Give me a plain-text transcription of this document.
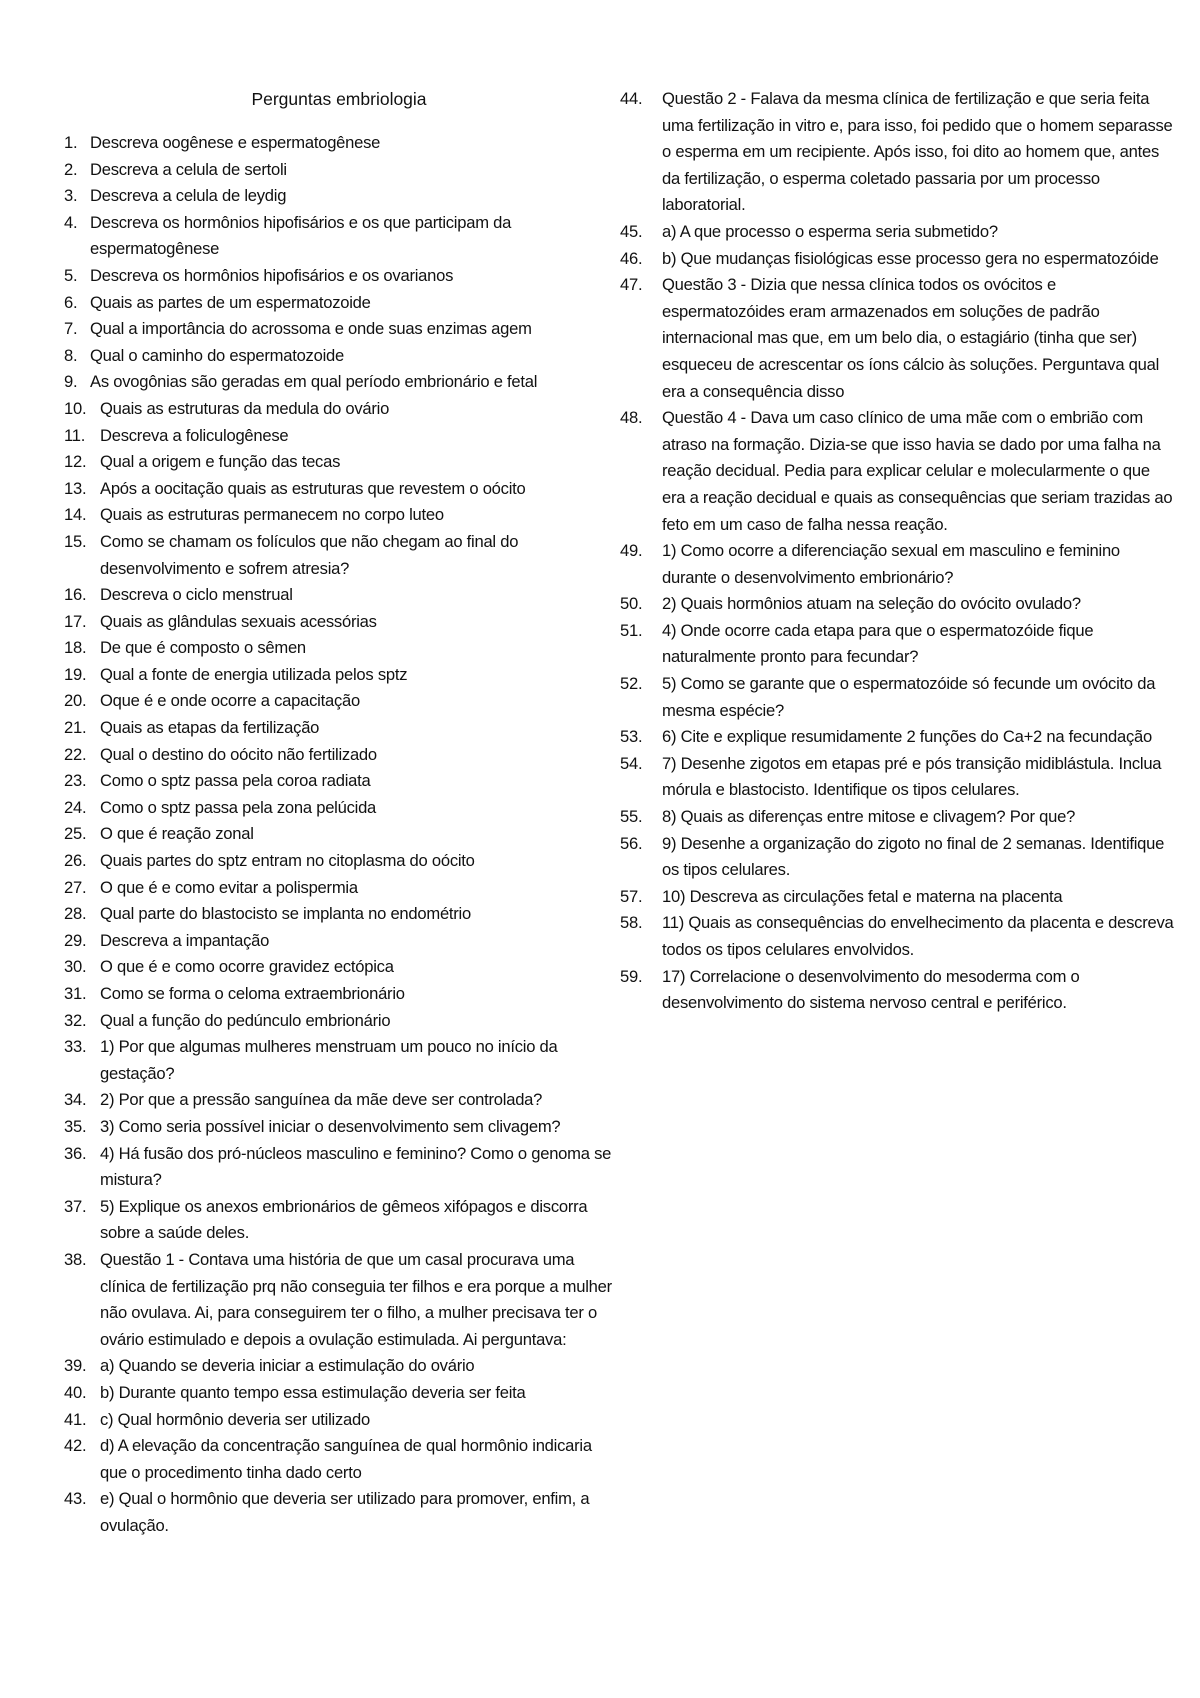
Perguntas embriologia
1. Descreva oogênese e espermatogênese
2. Descreva a celula de sertoli
3. Descreva a celula de leydig
4. Descreva os hormônios hipofisários e os que participam da espermatogênese
5. Descreva os hormônios hipofisários e os ovarianos
6. Quais as partes de um espermatozoide
7. Qual a importância do acrossoma e onde suas enzimas agem
8. Qual o caminho do espermatozoide
9. As ovogônias são geradas em qual período embrionário e fetal
10. Quais as estruturas da medula do ovário
11. Descreva a foliculogênese
12. Qual a origem e função das tecas
13. Após a oocitação quais as estruturas que revestem o oócito
14. Quais as estruturas permanecem no corpo luteo
15. Como se chamam os folículos que não chegam ao final do desenvolvimento e sofrem atresia?
16. Descreva o ciclo menstrual
17. Quais as glândulas sexuais acessórias
18. De que é composto o sêmen
19. Qual a fonte de energia utilizada pelos sptz
20. Oque é e onde ocorre a capacitação
21. Quais as etapas da fertilização
22. Qual o destino do oócito não fertilizado
23. Como o sptz passa pela coroa radiata
24. Como o sptz passa pela zona pelúcida
25. O que é reação zonal
26. Quais partes do sptz entram no citoplasma do oócito
27. O que é e como evitar a polispermia
28. Qual parte do blastocisto se implanta no endométrio
29. Descreva a impantação
30. O que é e como ocorre gravidez ectópica
31. Como se forma o celoma extraembrionário
32. Qual a função do pedúnculo embrionário
33. 1) Por que algumas mulheres menstruam um pouco no início da gestação?
34. 2) Por que a pressão sanguínea da mãe deve ser controlada?
35. 3) Como seria possível iniciar o desenvolvimento sem clivagem?
36. 4) Há fusão dos pró-núcleos masculino e feminino? Como o genoma se mistura?
37. 5) Explique os anexos embrionários de gêmeos xifópagos e discorra sobre a saúde deles.
38. Questão 1 - Contava uma história de que um casal procurava uma clínica de fertilização prq não conseguia ter filhos e era porque a mulher não ovulava. Ai, para conseguirem ter o filho, a mulher precisava ter o ovário estimulado e depois a ovulação estimulada. Ai perguntava:
39. a) Quando se deveria iniciar a estimulação do ovário
40. b) Durante quanto tempo essa estimulação deveria ser feita
41. c) Qual hormônio deveria ser utilizado
42. d) A elevação da concentração sanguínea de qual hormônio indicaria que o procedimento tinha dado certo
43. e) Qual o hormônio que deveria ser utilizado para promover, enfim, a ovulação.
44. Questão 2 - Falava da mesma clínica de fertilização e que seria feita uma fertilização in vitro e, para isso, foi pedido que o homem separasse o esperma em um recipiente. Após isso, foi dito ao homem que, antes da fertilização, o esperma coletado passaria por um processo laboratorial.
45. a) A que processo o esperma seria submetido?
46. b) Que mudanças fisiológicas esse processo gera no espermatozóide
47. Questão 3 - Dizia que nessa clínica todos os ovócitos e espermatozóides eram armazenados em soluções de padrão internacional mas que, em um belo dia, o estagiário (tinha que ser) esqueceu de acrescentar os íons cálcio às soluções. Perguntava qual era a consequência disso
48. Questão 4 - Dava um caso clínico de uma mãe com o embrião com atraso na formação. Dizia-se que isso havia se dado por uma falha na reação decidual. Pedia para explicar celular e molecularmente o que era a reação decidual e quais as consequências que seriam trazidas ao feto em um caso de falha nessa reação.
49. 1) Como ocorre a diferenciação sexual em masculino e feminino durante o desenvolvimento embrionário?
50. 2) Quais hormônios atuam na seleção do ovócito ovulado?
51. 4) Onde ocorre cada etapa para que o espermatozóide fique naturalmente pronto para fecundar?
52. 5) Como se garante que o espermatozóide só fecunde um ovócito da mesma espécie?
53. 6) Cite e explique resumidamente 2 funções do Ca+2 na fecundação
54. 7) Desenhe zigotos em etapas pré e pós transição midiblástula. Inclua mórula e blastocisto. Identifique os tipos celulares.
55. 8) Quais as diferenças entre mitose e clivagem? Por que?
56. 9) Desenhe a organização do zigoto no final de 2 semanas. Identifique os tipos celulares.
57. 10) Descreva as circulações fetal e materna na placenta
58. 11) Quais as consequências do envelhecimento da placenta e descreva todos os tipos celulares envolvidos.
59. 17) Correlacione o desenvolvimento do mesoderma com o desenvolvimento do sistema nervoso central e periférico.
